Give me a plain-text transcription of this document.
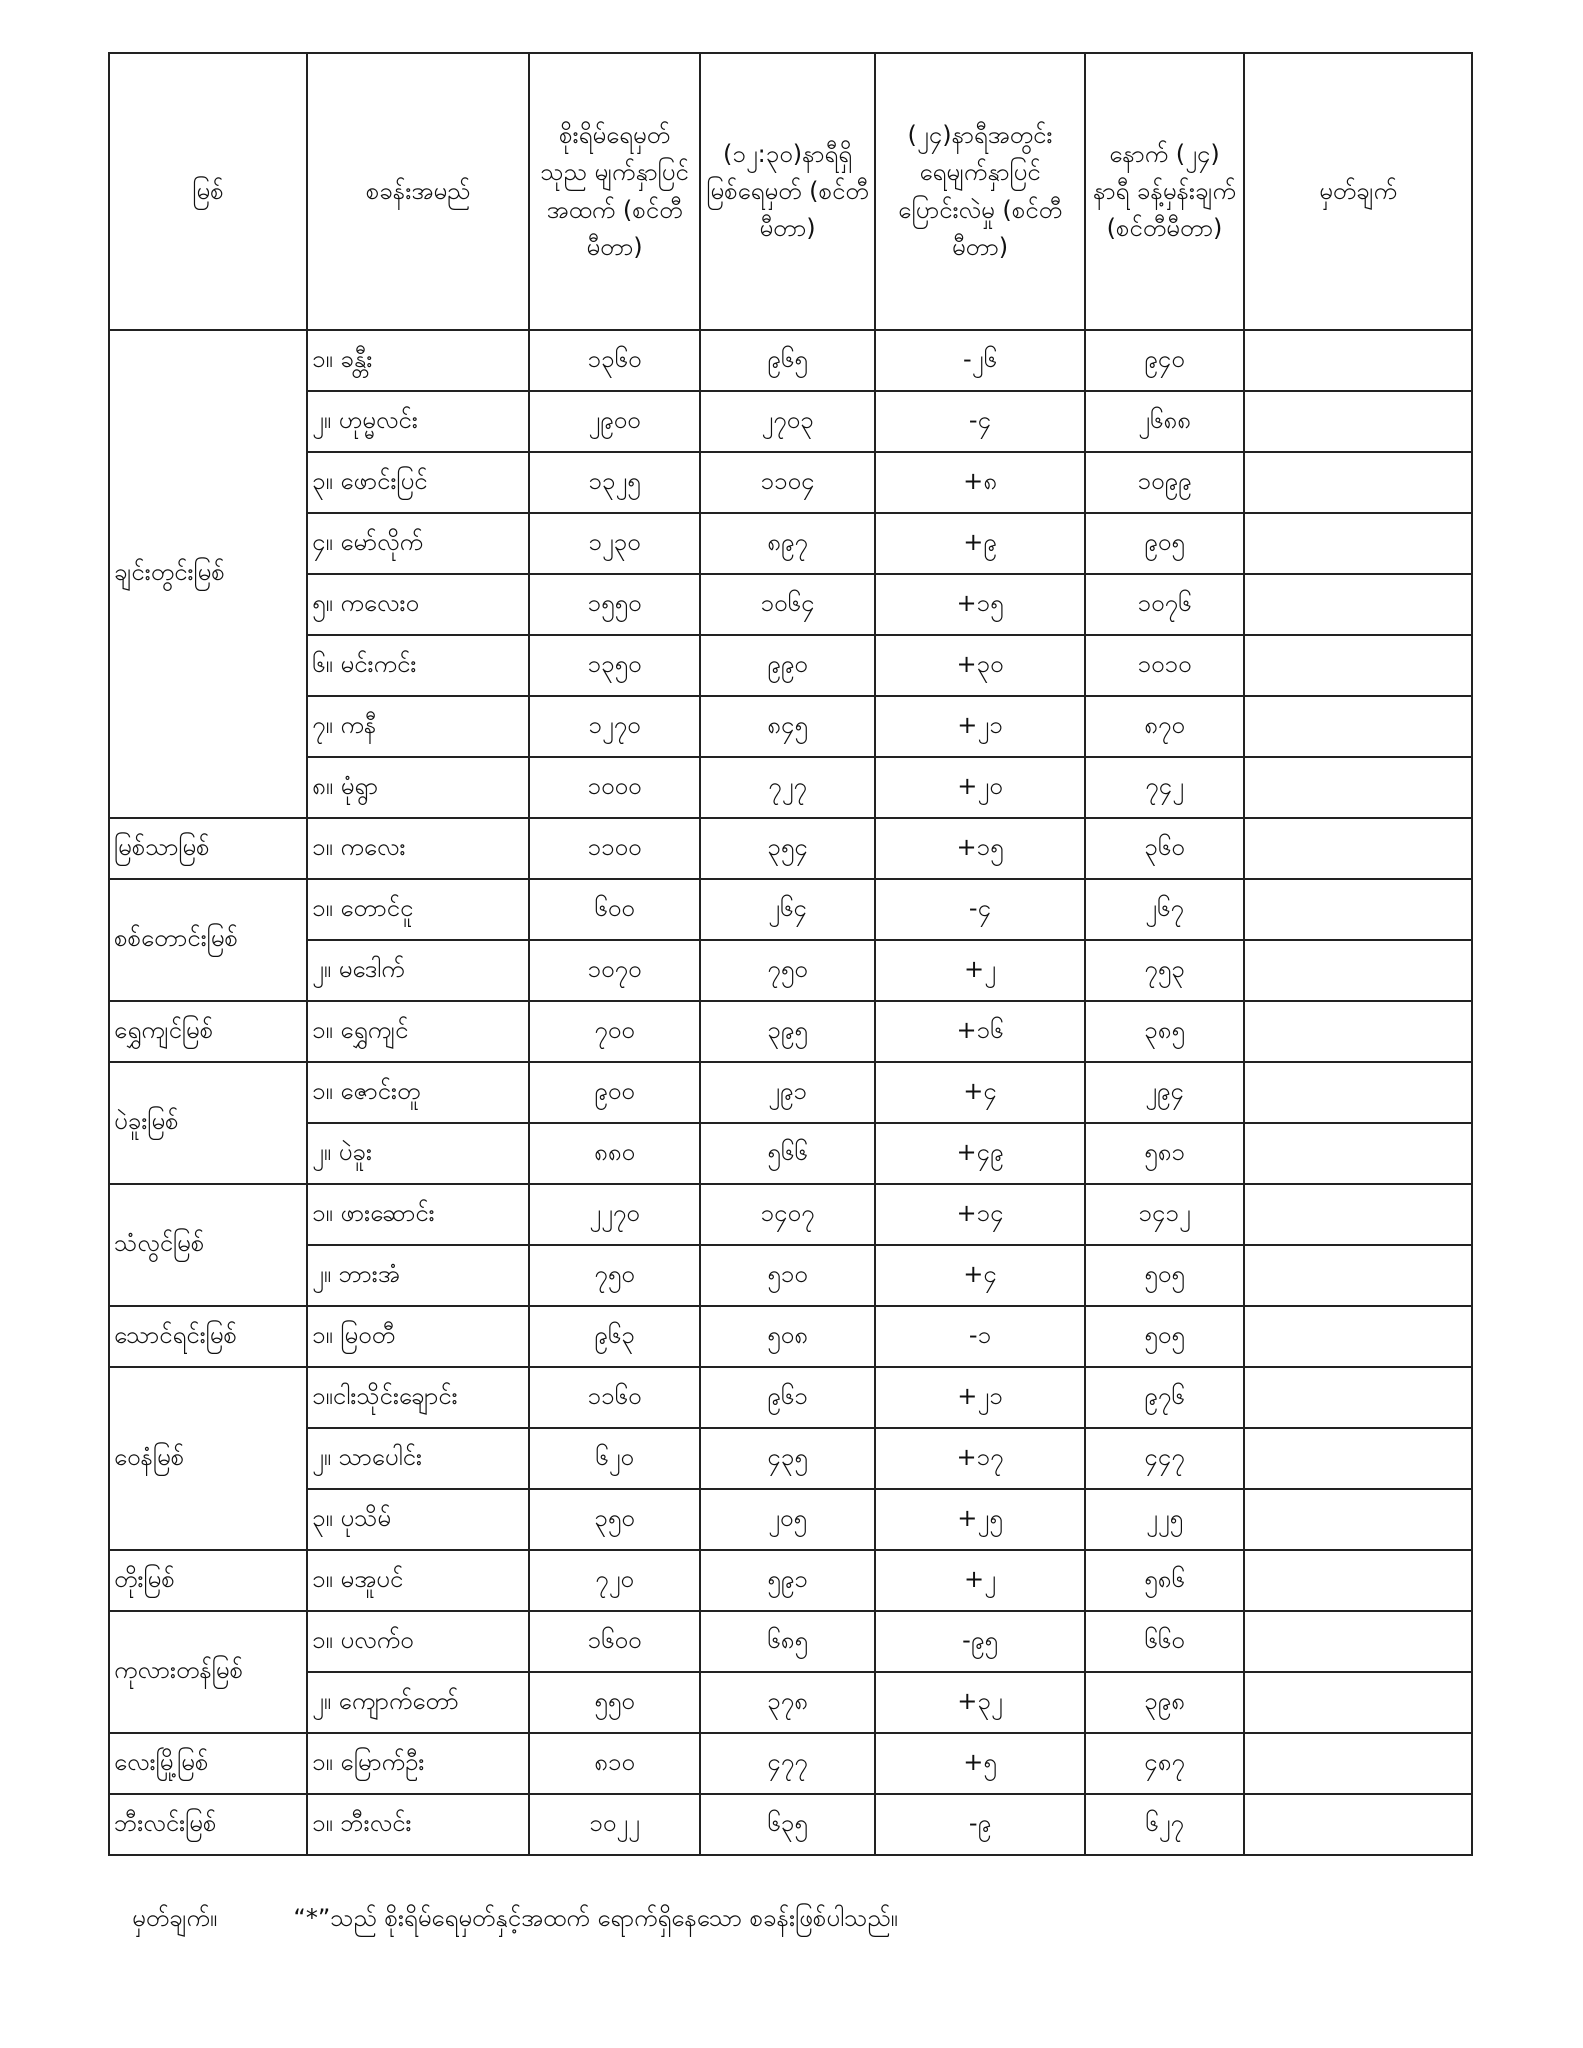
မြစ်	စခန်းအမည်	စိုးရိမ်ရေမှတ် သုည မျက်နှာပြင် အထက် (စင်တီမီတာ)	(၁၂:၃၀)နာရီရှိ မြစ်ရေမှတ် (စင်တီမီတာ)	(၂၄)နာရီအတွင်း ရေမျက်နှာပြင် ပြောင်းလဲမှု (စင်တီမီတာ)	နောက် (၂၄) နာရီ ခန့်မှန်းချက် (စင်တီမီတာ)	မှတ်ချက်
ချင်းတွင်းမြစ်	၁။ ခန္တီး	၁၃၆၀	၉၆၅	-၂၆	၉၄၀	
	၂။ ဟုမ္မလင်း	၂၉၀၀	၂၇၀၃	-၄	၂၆၈၈	
	၃။ ဖောင်းပြင်	၁၃၂၅	၁၁၀၄	+၈	၁၀၉၉	
	၄။ မော်လိုက်	၁၂၃၀	၈၉၇	+၉	၉၀၅	
	၅။ ကလေးဝ	၁၅၅၀	၁၀၆၄	+၁၅	၁၀၇၆	
	၆။ မင်းကင်း	၁၃၅၀	၉၉၀	+၃၀	၁၀၁၀	
	၇။ ကနီ	၁၂၇၀	၈၄၅	+၂၁	၈၇၀	
	၈။ မုံရွာ	၁၀၀၀	၇၂၇	+၂၀	၇၄၂	
မြစ်သာမြစ်	၁။ ကလေး	၁၁၀၀	၃၅၄	+၁၅	၃၆၀	
စစ်တောင်းမြစ်	၁။ တောင်ငူ	၆၀၀	၂၆၄	-၄	၂၆၇	
	၂။ မဒေါက်	၁၀၇၀	၇၅၀	+၂	၇၅၃	
ရွှေကျင်မြစ်	၁။ ရွှေကျင်	၇၀၀	၃၉၅	+၁၆	၃၈၅	
ပဲခူးမြစ်	၁။ ဇောင်းတူ	၉၀၀	၂၉၁	+၄	၂၉၄	
	၂။ ပဲခူး	၈၈၀	၅၆၆	+၄၉	၅၈၁	
သံလွင်မြစ်	၁။ ဖားဆောင်း	၂၂၇၀	၁၄၀၇	+၁၄	၁၄၁၂	
	၂။ ဘားအံ	၇၅၀	၅၁၀	+၄	၅၀၅	
သောင်ရင်းမြစ်	၁။ မြဝတီ	၉၆၃	၅၀၈	-၁	၅၀၅	
ဝေနံမြစ်	၁။ငါးသိုင်းချောင်း	၁၁၆၀	၉၆၁	+၂၁	၉၇၆	
	၂။ သာပေါင်း	၆၂၀	၄၃၅	+၁၇	၄၄၇	
	၃။ ပုသိမ်	၃၅၀	၂၀၅	+၂၅	၂၂၅	
တိုးမြစ်	၁။ မအူပင်	၇၂၀	၅၉၁	+၂	၅၈၆	
ကုလားတန်မြစ်	၁။ ပလက်ဝ	၁၆၀၀	၆၈၅	-၉၅	၆၆၀	
	၂။ ကျောက်တော်	၅၅၀	၃၇၈	+၃၂	၃၉၈	
လေးမြို့မြစ်	၁။ မြောက်ဦး	၈၁၀	၄၇၇	+၅	၄၈၇	
ဘီးလင်းမြစ်	၁။ ဘီးလင်း	၁၀၂၂	၆၃၅	-၉	၆၂၇	
မှတ်ချက်။	“*”သည် စိုးရိမ်ရေမှတ်နှင့်အထက် ရောက်ရှိနေသော စခန်းဖြစ်ပါသည်။
